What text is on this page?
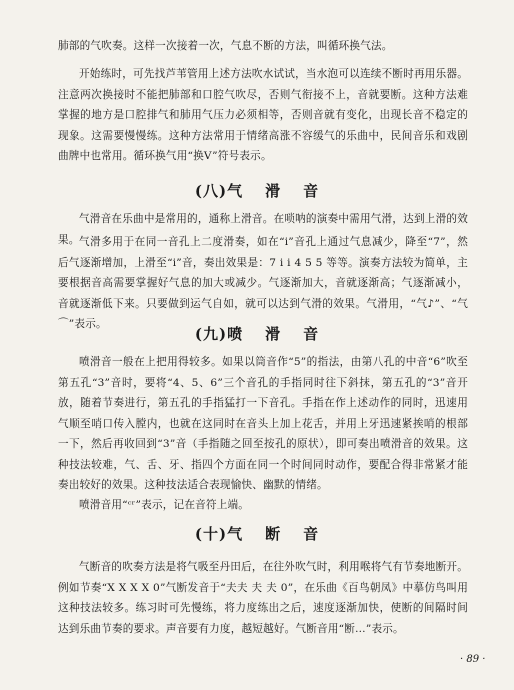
肺部的气吹奏。这样一次接着一次，气息不断的方法，叫循环换气法。

开始练时，可先找芦苇管用上述方法吹水试试，当水泡可以连续不断时再用乐器。注意两次换接时不能把肺部和口腔气吹尽，否则气衔接不上，音就要断。这种方法难掌握的地方是口腔排气和肺用气压力必须相等，否则音就有变化，出现长音不稳定的现象。这需要慢慢练。这种方法常用于情绪高涨不容缓气的乐曲中，民间音乐和戏剧曲牌中也常用。循环换气用“换V”符号表示。

(八)气 滑 音

气滑音在乐曲中是常用的，通称上滑音。在唢呐的演奏中需用气滑，达到上滑的效果。 气滑多用于在同一音孔上二度滑奏，如在“i”音孔上通过气息减少，降至“7”，然后气逐渐增加，上滑至“i”音，奏出效果是：7 i i 4 5 5 等等。演奏方法较为简单，主要根据音高需要掌握好气息的加大或减少。气逐渐加大，音就逐渐高；气逐渐减小，音就逐渐低下来。只要做到运气自如，就可以达到气滑的效果。气滑用，“气♪”、“气⌒”表示。

(九)喷 滑 音

喷滑音一般在上把用得较多。如果以筒音作“5”的指法，由第八孔的中音“6”吹至第五孔“3”音时，要将“4、5、6”三个音孔的手指同时往下斜抹，第五孔的“3”音开放，随着节奏进行，第五孔的手指猛打一下音孔。手指在作上述动作的同时，迅速用气顺至哨口传入膛内，也就在这同时在音头上加上花舌，并用上牙迅速紧挨哨的根部一下，然后再收回到“3”音（手指随之回至按孔的原状），即可奏出喷滑音的效果。这种技法较难，气、舌、牙、指四个方面在同一个时间同时动作，要配合得非常紧才能奏出较好的效果。这种技法适合表现愉快、幽默的情绪。

喷滑音用“ᶜʳ”表示，记在音符上端。

(十)气 断 音

气断音的吹奏方法是将气吸至丹田后，在往外吹气时，利用喉将气有节奏地断开。例如节奏“X X X X 0”气断发音于“夫夫 夫 夫 0”，在乐曲《百鸟朝凤》中摹仿鸟叫用这种技法较多。练习时可先慢练，将力度练出之后，速度逐渐加快，使断的间隔时间达到乐曲节奏的要求。声音要有力度，越短越好。气断音用“断…”表示。

· 89 ·
